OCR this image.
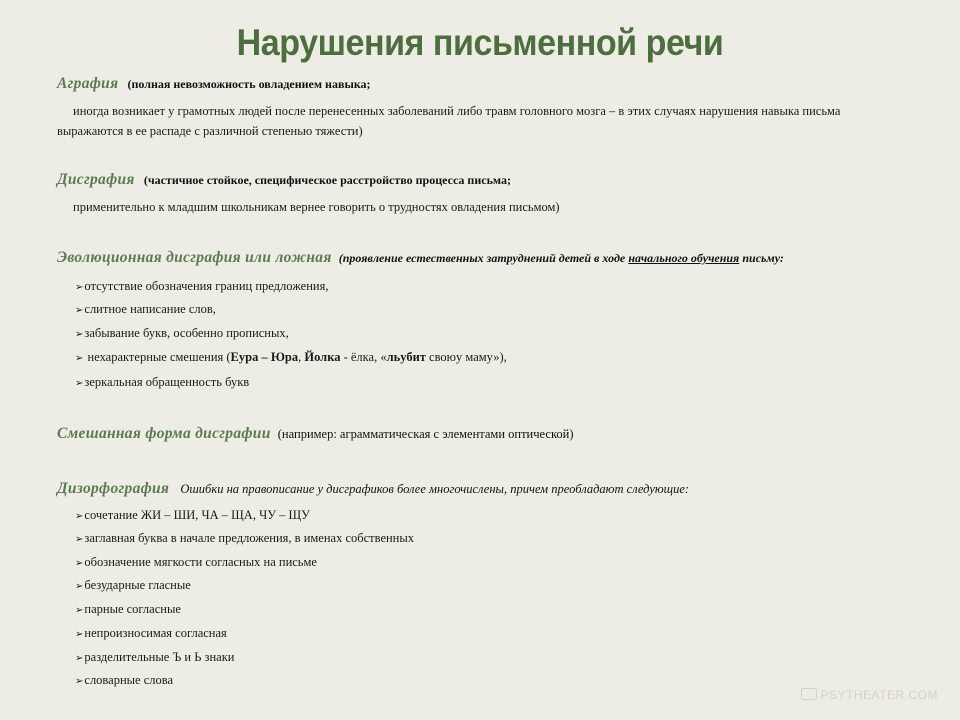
Нарушения письменной речи
Аграфия (полная невозможность овладением навыка;
иногда возникает у грамотных людей после перенесенных заболеваний либо травм головного мозга – в этих случаях нарушения навыка письма
выражаются в ее распаде с различной степенью тяжести)
Дисграфия (частичное стойкое, специфическое расстройство процесса письма;
применительно к младшим школьникам вернее говорить о трудностях овладения письмом)
Эволюционная дисграфия или ложная (проявление естественных затруднений детей в ходе начального обучения письму:
➢ отсутствие обозначения границ предложения,
➢ слитное написание слов,
➢ забывание букв, особенно прописных,
➢ нехарактерные смешения (Еура – Юра, Йолка - ёлка, «льубит своюу маму»),
➢ зеркальная обращенность букв
Смешанная форма дисграфии (например: аграмматическая с элементами оптической)
Дизорфография Ошибки на правописание у дисграфиков более многочислены, причем преобладают следующие:
➢ сочетание ЖИ – ШИ, ЧА – ЩА, ЧУ – ЩУ
➢ заглавная буква в начале предложения, в именах собственных
➢ обозначение мягкости согласных на письме
➢ безударные гласные
➢ парные согласные
➢ непроизносимая согласная
➢ разделительные Ъ и Ь знаки
➢ словарные слова
PSYTHEATER.COM
